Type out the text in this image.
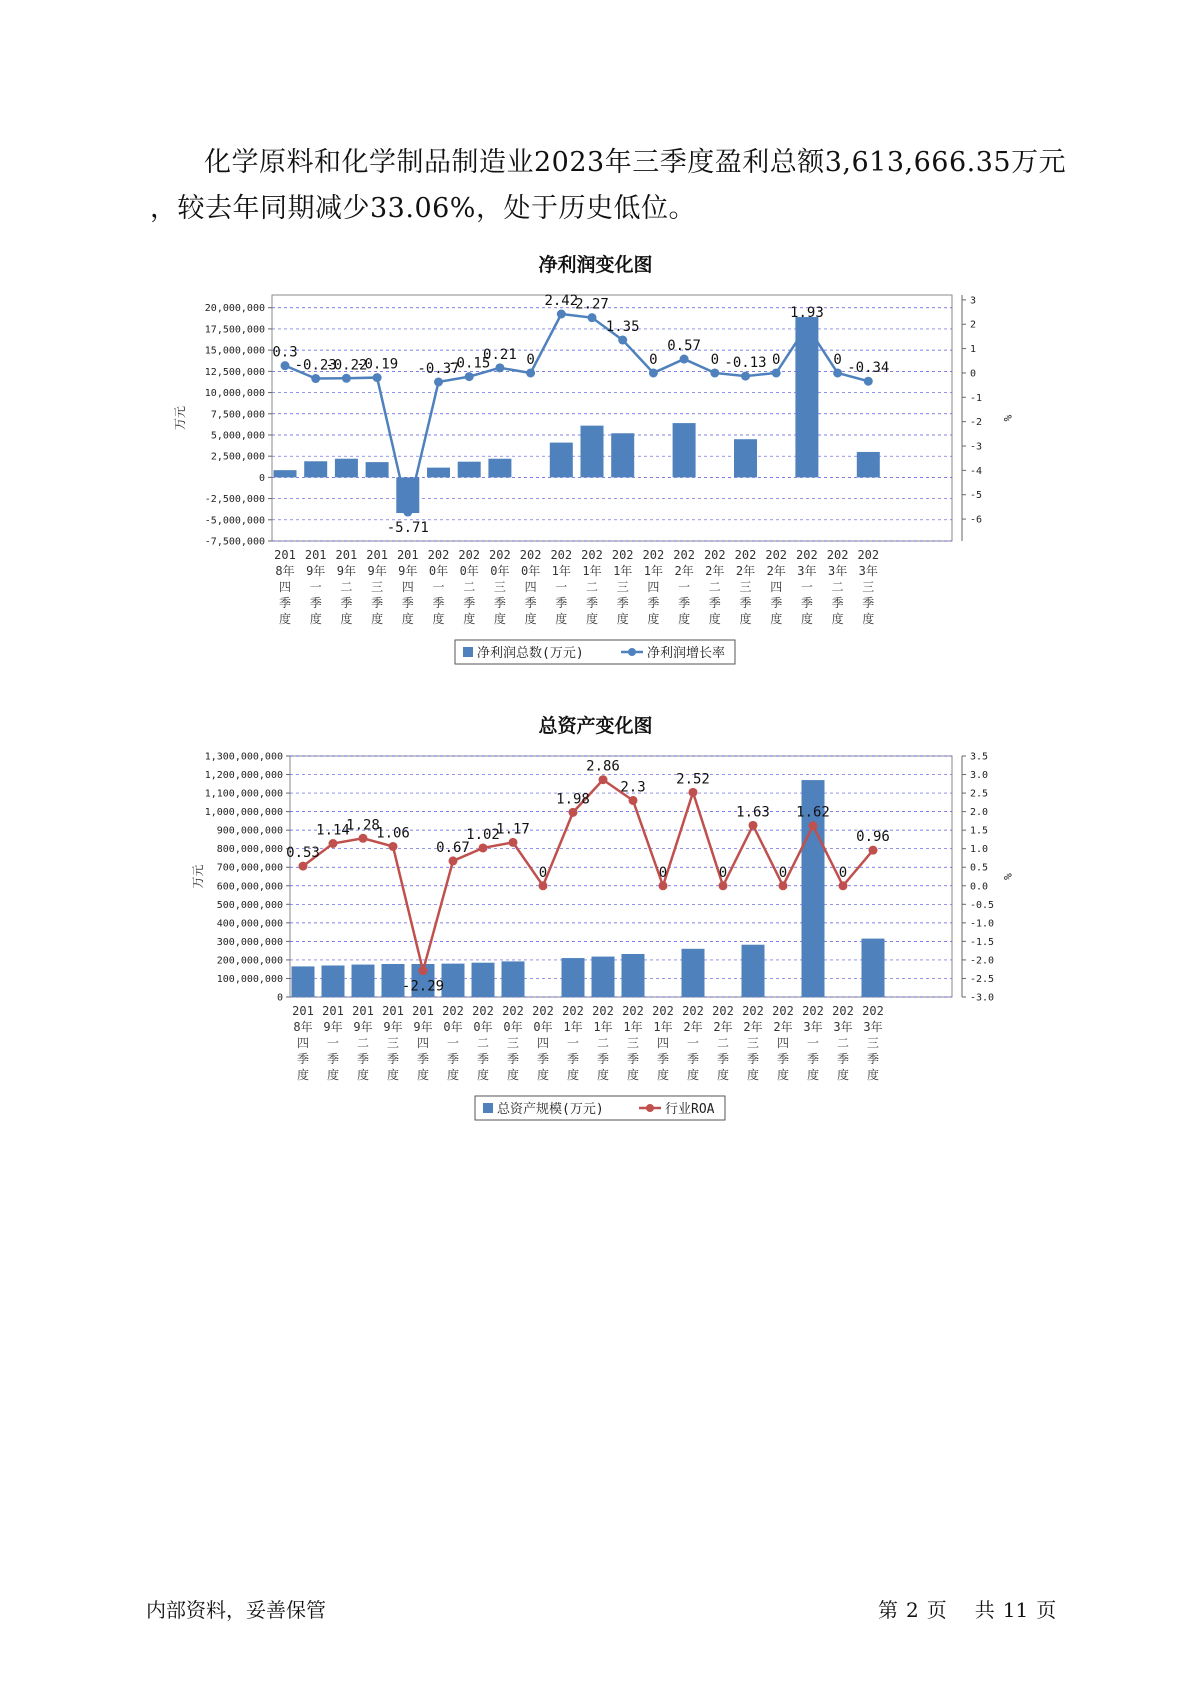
化学原料和化学制品制造业2023年三季度盈利总额3,613,666.35万元
，较去年同期减少33.06%，处于历史低位。
净利润变化图
20,000,000
17,500,000
15,000,000
12,500,000
10,000,000
7,500,000
5,000,000
2,500,000
0
-2,500,000
-5,000,000
-7,500,000
3
2
1
0
-1
-2
-3
-4
-5
-6
万元	%
0.3
-0.23
-0.22
-0.19
-5.71
-0.37
-0.15
0.21 0
2.42
2.27
1.35
0
0.57
0 -0.13 0
1.93
0
-0.34
201
8年
四
季
度
201
9年
一
季
度
201
9年
二
季
度
201
9年
三
季
度
201
9年
四
季
度
202
0年
一
季
度
202
0年
二
季
度
202
0年
三
季
度
202
0年
四
季
度
202
1年
一
季
度
202
1年
二
季
度
202
1年
三
季
度
202
1年
四
季
度
202
2年
一
季
度
202
2年
二
季
度
202
2年
三
季
度
202
2年
四
季
度
202
3年
一
季
度
202
3年
二
季
度
202
3年
三
季
度
净利润总数(万元)	净利润增长率
总资产变化图
1,300,000,000
1,200,000,000
1,100,000,000
1,000,000,000
900,000,000
800,000,000
700,000,000
600,000,000
500,000,000
400,000,000
300,000,000
200,000,000
100,000,000
0
3.5
3.0
2.5
2.0
1.5
1.0
0.5
0.0
-0.5
-1.0
-1.5
-2.0
-2.5
-3.0
万元	%
0.53
1.14
1.28
1.06
-2.29
0.67
1.02
1.17
0
1.98
2.86
2.3
0
2.52
0
1.63
0
1.62
0
0.96
201
8年
四
季
度
201
9年
一
季
度
201
9年
二
季
度
201
9年
三
季
度
201
9年
四
季
度
202
0年
一
季
度
202
0年
二
季
度
202
0年
三
季
度
202
0年
四
季
度
202
1年
一
季
度
202
1年
二
季
度
202
1年
三
季
度
202
1年
四
季
度
202
2年
一
季
度
202
2年
二
季
度
202
2年
三
季
度
202
2年
四
季
度
202
3年
一
季
度
202
3年
二
季
度
202
3年
三
季
度
总资产规模(万元)	行业ROA
内部资料，妥善保管	第 2 页 共 11 页
